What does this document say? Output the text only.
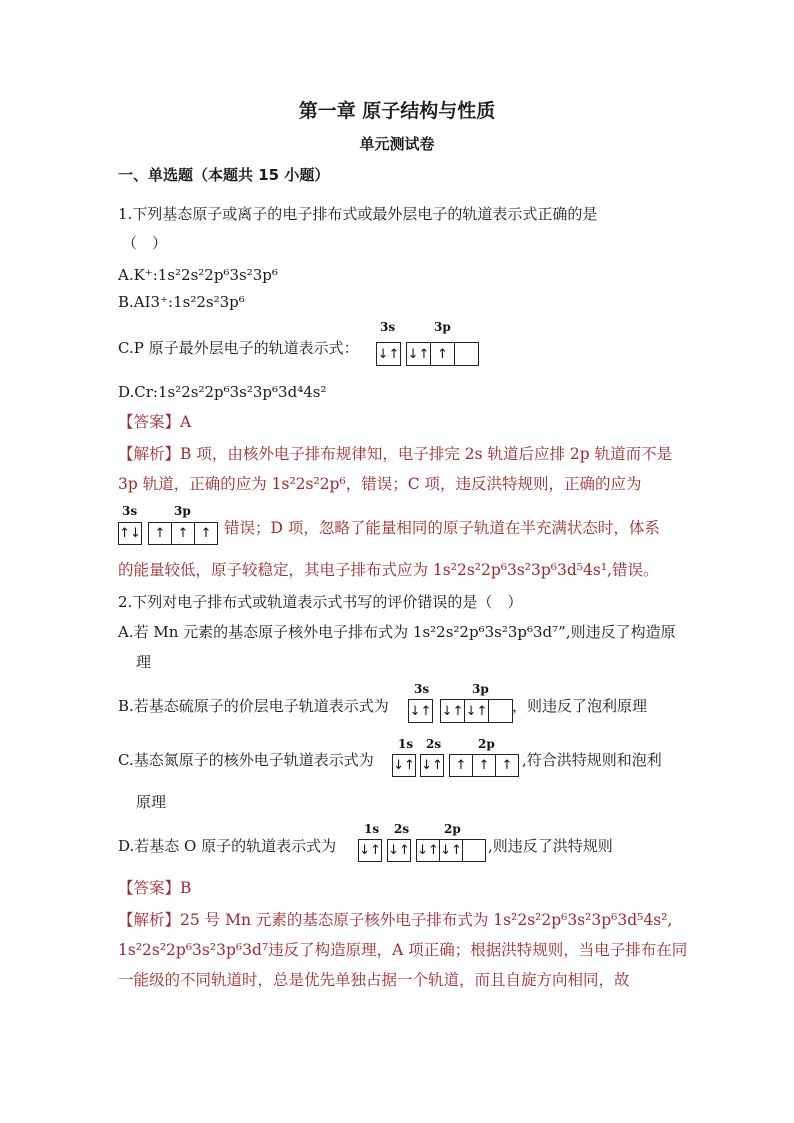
第一章 原子结构与性质
单元测试卷
一、单选题（本题共 15 小题）
1.下列基态原子或离子的电子排布式或最外层电子的轨道表示式正确的是
（　）
A.K⁺:1s²2s²2p⁶3s²3p⁶
B.AI3⁺:1s²2s²3p⁶
C.P 原子最外层电子的轨道表示式：
3s	3p
↓↑ ↓↑ ↑
D.Cr:1s²2s²2p⁶3s²3p⁶3d⁴4s²
【答案】A
【解析】B 项，由核外电子排布规律知，电子排完 2s 轨道后应排 2p 轨道而不是
3p 轨道，正确的应为 1s²2s²2p⁶，错误；C 项，违反洪特规则，正确的应为
3s	3p
↑↓	↑ ↑ ↑ 错误；D 项，忽略了能量相同的原子轨道在半充满状态时，体系
的能量较低，原子较稳定，其电子排布式应为 1s²2s²2p⁶3s²3p⁶3d⁵4s¹,错误。
2.下列对电子排布式或轨道表示式书写的评价错误的是（　）
A.若 Mn 元素的基态原子核外电子排布式为 1s²2s²2p⁶3s²3p⁶3d⁷”,则违反了构造原
理
B.若基态硫原子的价层电子轨道表示式为
3s	3p
↓↑ ↓↑ ↓↑ ，则违反了泡利原理
C.基态氮原子的核外电子轨道表示式为
1s 2s	2p
↓↑ ↓↑ ↑ ↑ ↑ ,符合洪特规则和泡利
原理
D.若基态 O 原子的轨道表示式为
1s 2s	2p
↓↑ ↓↑ ↓↑ ↓↑ ,则违反了洪特规则
【答案】B
【解析】25 号 Mn 元素的基态原子核外电子排布式为 1s²2s²2p⁶3s²3p⁶3d⁵4s²,
1s²2s²2p⁶3s²3p⁶3d⁷违反了构造原理，A 项正确；根据洪特规则，当电子排布在同
一能级的不同轨道时，总是优先单独占据一个轨道，而且自旋方向相同，故
